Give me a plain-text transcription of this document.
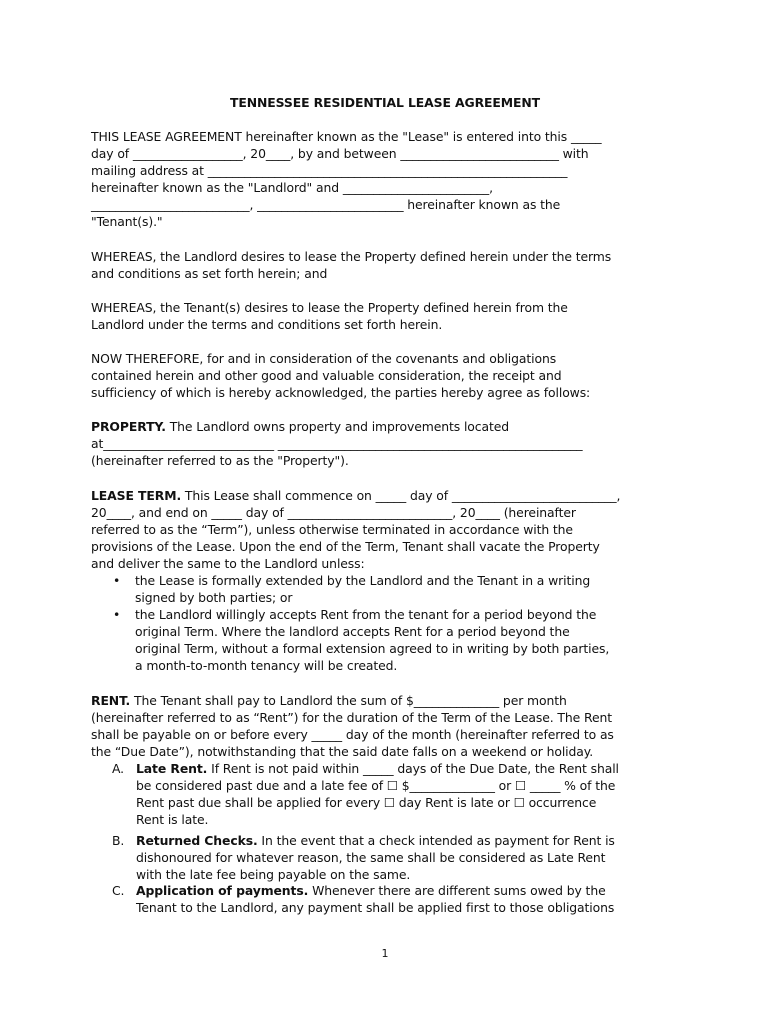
TENNESSEE RESIDENTIAL LEASE AGREEMENT

THIS LEASE AGREEMENT hereinafter known as the "Lease" is entered into this _____

day of __________________, 20____, by and between __________________________ with

mailing address at ___________________________________________________________

hereinafter known as the "Landlord" and ________________________,

__________________________, ________________________ hereinafter known as the

"Tenant(s)."

WHEREAS, the Landlord desires to lease the Property defined herein under the terms

and conditions as set forth herein; and

WHEREAS, the Tenant(s) desires to lease the Property defined herein from the

Landlord under the terms and conditions set forth herein.

NOW THEREFORE, for and in consideration of the covenants and obligations

contained herein and other good and valuable consideration, the receipt and

sufficiency of which is hereby acknowledged, the parties hereby agree as follows:

PROPERTY. The Landlord owns property and improvements located

at____________________________ __________________________________________________

(hereinafter referred to as the "Property").

LEASE TERM. This Lease shall commence on _____ day of ___________________________,

20____, and end on _____ day of ___________________________, 20____ (hereinafter

referred to as the “Term”), unless otherwise terminated in accordance with the

provisions of the Lease. Upon the end of the Term, Tenant shall vacate the Property

and deliver the same to the Landlord unless:

• the Lease is formally extended by the Landlord and the Tenant in a writing
signed by both parties; or
• the Landlord willingly accepts Rent from the tenant for a period beyond the
original Term. Where the landlord accepts Rent for a period beyond the
original Term, without a formal extension agreed to in writing by both parties,
a month-to-month tenancy will be created.

RENT. The Tenant shall pay to Landlord the sum of $______________ per month

(hereinafter referred to as “Rent”) for the duration of the Term of the Lease. The Rent

shall be payable on or before every _____ day of the month (hereinafter referred to as

the “Due Date”), notwithstanding that the said date falls on a weekend or holiday.

A. Late Rent. If Rent is not paid within _____ days of the Due Date, the Rent shall
be considered past due and a late fee of ☐ $______________ or ☐ _____ % of the
Rent past due shall be applied for every ☐ day Rent is late or ☐ occurrence
Rent is late.
B. Returned Checks. In the event that a check intended as payment for Rent is
dishonoured for whatever reason, the same shall be considered as Late Rent
with the late fee being payable on the same.
C. Application of payments. Whenever there are different sums owed by the
Tenant to the Landlord, any payment shall be applied first to those obligations
1
